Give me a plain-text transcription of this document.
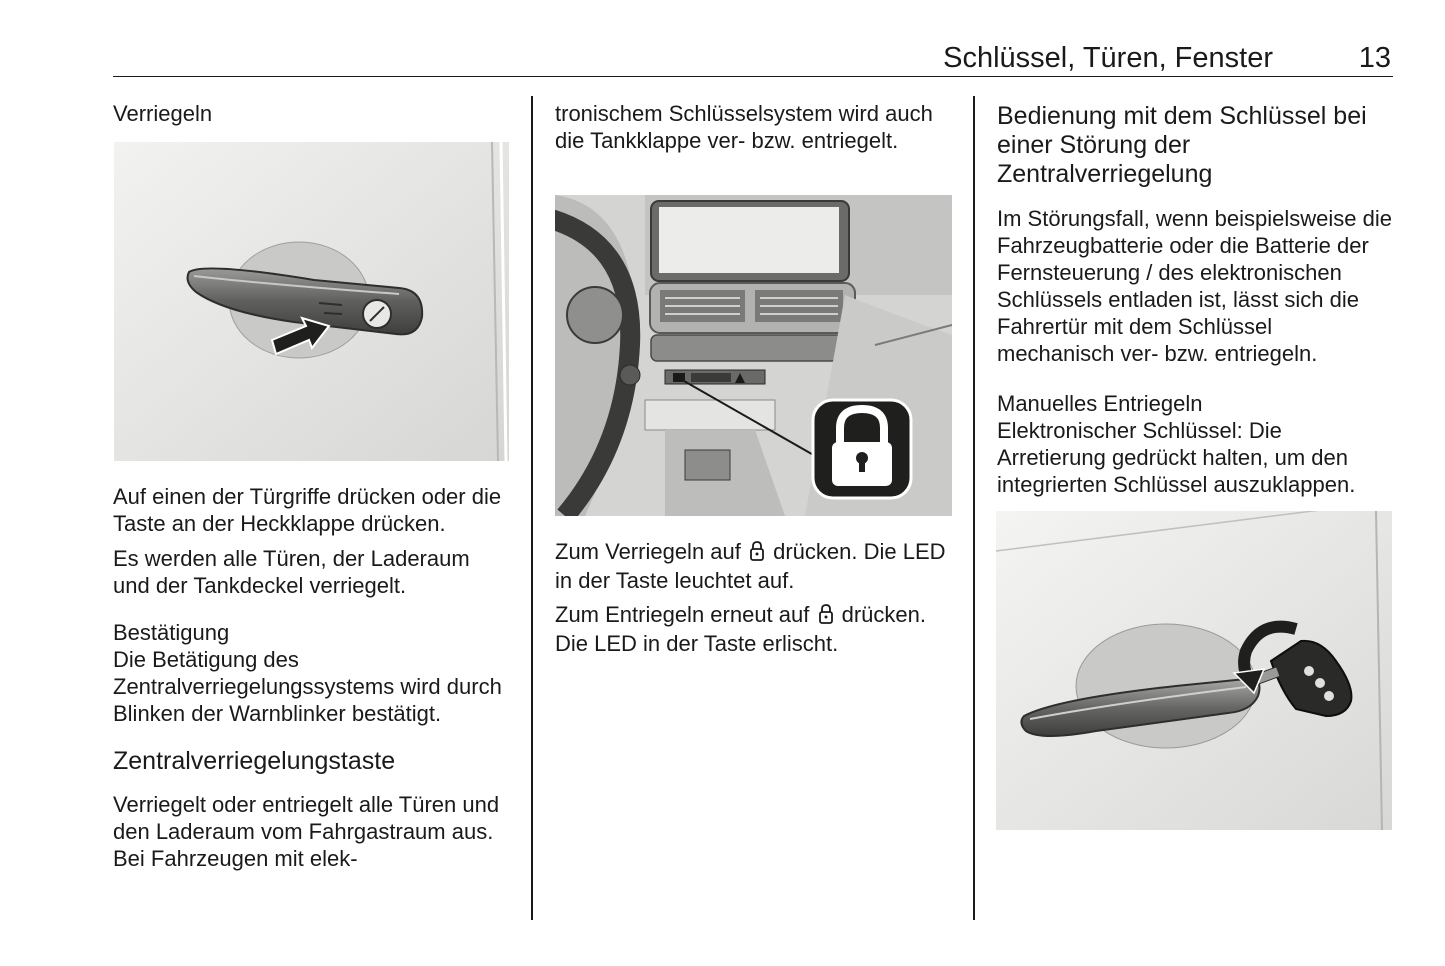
Schlüssel, Türen, Fenster	13
Verriegeln

Auf einen der Türgriffe drücken oder die Taste an der Heckklappe drücken.

Es werden alle Türen, der Laderaum und der Tankdeckel verriegelt.

Bestätigung

Die Betätigung des Zentralverriegelungssystems wird durch Blinken der Warnblinker bestätigt.

Zentralverriegelungstaste

Verriegelt oder entriegelt alle Türen und den Laderaum vom Fahrgastraum aus. Bei Fahrzeugen mit elek-

tronischem Schlüsselsystem wird auch die Tankklappe ver- bzw. entriegelt.

Zum Verriegeln auf drücken. Die LED in der Taste leuchtet auf.

Zum Entriegeln erneut auf drücken. Die LED in der Taste erlischt.

Bedienung mit dem Schlüssel bei einer Störung der Zentralverriegelung

Im Störungsfall, wenn beispielsweise die Fahrzeugbatterie oder die Batterie der Fernsteuerung / des elektronischen Schlüssels entladen ist, lässt sich die Fahrertür mit dem Schlüssel mechanisch ver- bzw. entriegeln.

Manuelles Entriegeln

Elektronischer Schlüssel: Die Arretierung gedrückt halten, um den integrierten Schlüssel auszuklappen.
